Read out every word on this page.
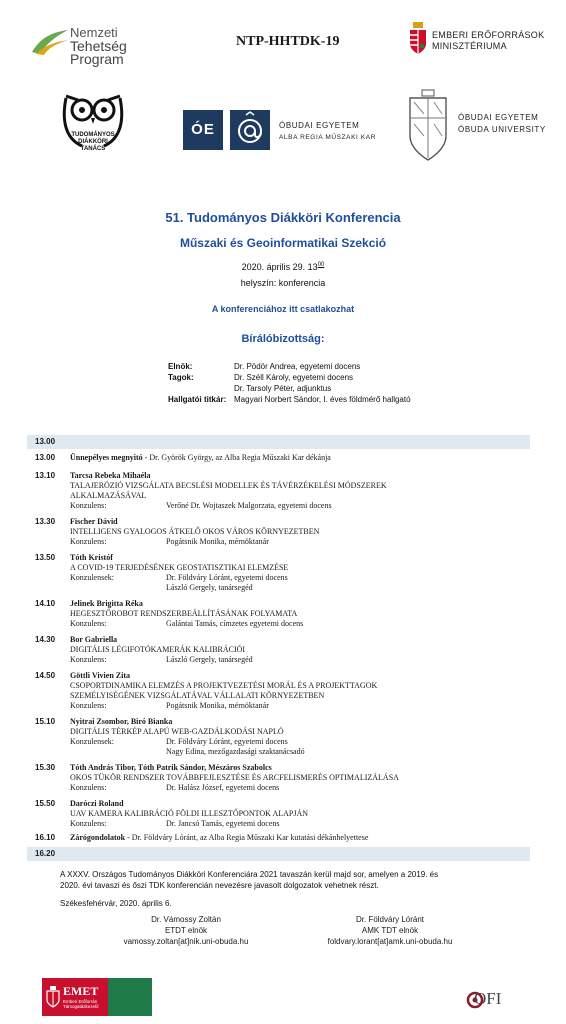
Nemzeti
Tehetség Program
NTP-HHTDK-19	EMBERI ERŐFORRÁSOK
MINISZTÉRIUMA
TUDOMÁNYOS
DIÁKKÖRI
TANÁCS
ÓE	ÓBUDAI EGYETEM
ALBA REGIA MŰSZAKI KAR
ÓBUDAI EGYETEM
ÓBUDA UNIVERSITY
51. Tudományos Diákköri Konferencia
Műszaki és Geoinformatikai Szekció
2020. április 29. $13^{00}$
helyszín: konferencia
A konferenciához itt csatlakozhat
Bírálóbizottság:
Elnök:	Dr. Pödör Andrea, egyetemi docens
Tagok:	Dr. Széll Károly, egyetemi docens
Dr. Tarsoly Péter, adjunktus
Hallgatói titkár: Magyari Norbert Sándor, I. éves földmérő hallgató
13.00
13.00 Ünnepélyes megnyitó - Dr. Györök György, az Alba Regia Műszaki Kar dékánja
13.10 Tarcsa Rebeka Mihaéla
TALAJERÓZIÓ VIZSGÁLATA BECSLÉSI MODELLEK ÉS TÁVÉRZÉKELÉSI MÓDSZEREK
ALKALMAZÁSÁVAL
Konzulens:	Verőné Dr. Wojtaszek Malgorzata, egyetemi docens
13.30 Fischer Dávid
INTELLIGENS GYALOGOS ÁTKELŐ OKOS VÁROS KÖRNYEZETBEN
Konzulens:	Pogátsnik Monika, mérnöktanár
13.50 Tóth Kristóf
A COVID-19 TERJEDÉSÉNEK GEOSTATISZTIKAI ELEMZÉSE
Konzulensek:	Dr. Földváry Lóránt, egyetemi docens
László Gergely, tanársegéd
14.10 Jelinek Brigitta Réka
HEGESZTŐROBOT RENDSZERBEÁLLÍTÁSÁNAK FOLYAMATA
Konzulens:	Galántai Tamás, címzetes egyetemi docens
14.30 Bor Gabriella
DIGITÁLIS LÉGIFOTÓKAMERÁK KALIBRÁCIÓI
Konzulens:	László Gergely, tanársegéd
14.50 Göttli Vivien Zita
CSOPORTDINAMIKA ELEMZÉS A PROJEKTVEZETÉSI MORÁL ÉS A PROJEKTTAGOK
SZEMÉLYISÉGÉNEK VIZSGÁLATÁVAL VÁLLALATI KÖRNYEZETBEN
Konzulens:	Pogátsnik Monika, mérnöktanár
15.10 Nyitrai Zsombor, Biró Bianka
DIGITÁLIS TÉRKÉP ALAPÚ WEB-GAZDÁLKODÁSI NAPLÓ
Konzulensek:	Dr. Földváry Lóránt, egyetemi docens
Nagy Edina, mezőgazdasági szaktanácsadó
15.30 Tóth András Tibor, Tóth Patrik Sándor, Mészáros Szabolcs
OKOS TÜKÖR RENDSZER TOVÁBBFEJLESZTÉSE ÉS ARCFELISMERÉS OPTIMALIZÁLÁSA
Konzulens:	Dr. Halász József, egyetemi docens
15.50 Daróczi Roland
UAV KAMERA KALIBRÁCIÓ FÖLDI ILLESZTŐPONTOK ALAPJÁN
Konzulens:	Dr. Jancsó Tamás, egyetemi docens
16.10 Zárógondolatok - Dr. Földváry Lóránt, az Alba Regia Műszaki Kar kutatási dékánhelyettese
16.20
A XXXV. Országos Tudományos Diákköri Konferenciára 2021 tavaszán kerül majd sor, amelyen a 2019. és
2020. évi tavaszi és őszi TDK konferencián nevezésre javasolt dolgozatok vehetnek részt.
Székesfehérvár, 2020. április 6.
Dr. Vámossy Zoltán
ETDT elnök
vamossy.zoltan[at]nik.uni-obuda.hu
Dr. Földváry Lóránt
AMK TDT elnök
foldvary.lorant[at]amk.uni-obuda.hu
EMET
Emberi Erőforrás
Támogatáskezelő	OFI
